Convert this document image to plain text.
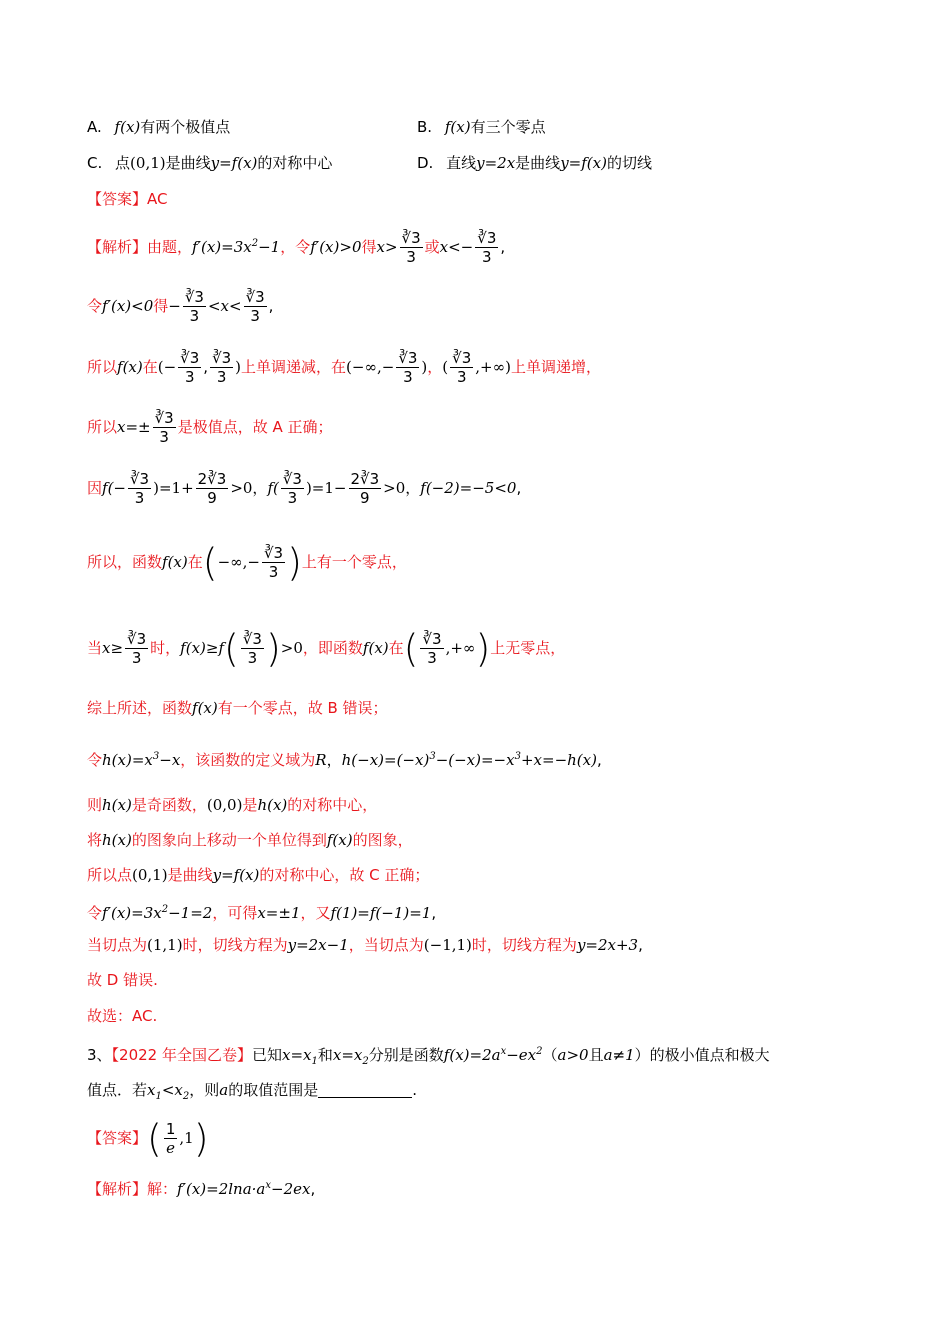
A. f(x)有两个极值点	B. f(x)有三个零点
C. 点(0,1)是曲线y=f(x)的对称中心	D. 直线y=2x是曲线y=f(x)的切线
【答案】AC
【解析】由题，$f'(x)=3x^2-1$，令f′(x)>0得$x> \frac{∛3}{3}$ 或$x<- \frac{∛3}{3}$ ,
令f′(x)<0得− $\frac{∛3}{3} <x< \frac{∛3}{3}$ ,
所以f(x)在(− $\frac{∛3}{3}$ , $\frac{∛3}{3}$ )上单调递减，在(−∞,− $\frac{∛3}{3}$ )，( $\frac{∛3}{3}$ ,+∞)上单调递增，
所以$x=\pm \frac{∛3}{3}$ 是极值点，故 A 正确；
因$f(- \frac{∛3}{3} )=1+ \frac{2∛3}{9} >0$，$f( \frac{∛3}{3} )=1- \frac{2∛3}{9} >0$，f(−2)=−5<0,
所以，函数f(x)在(−∞,− $\frac{∛3}{3}$ )上有一个零点，
当$x\ge \frac{∛3}{3}$ 时，$f(x)\ge f( \frac{∛3}{3} )>0$，即函数f(x)在( $\frac{∛3}{3}$ ,+∞)上无零点，
综上所述，函数f(x)有一个零点，故 B 错误；
令$h(x)=x^3-x$，该函数的定义域为R，$h(-x)=(-x)^3-(-x)=-x^3+x=-h(x)$,
则h(x)是奇函数，(0,0)是h(x)的对称中心，
将h(x)的图象向上移动一个单位得到f(x)的图象，
所以点(0,1)是曲线y=f(x)的对称中心，故 C 正确；
令$f'(x)=3x^2-1=2$，可得x=±1，又f(1)=f(−1)=1,
当切点为(1,1)时，切线方程为y=2x−1，当切点为(−1,1)时，切线方程为y=2x+3,
故 D 错误.
故选：AC.
3、【2022 年全国乙卷】已知$x=x_1$和$x=x_2$分别是函数$f(x)=2a^x-ex^2(a>0$且a≠1）的极小值点和极大
值点．若$x_1<x_2$，则a的取值范围是	.
【答案】( $\frac{1}{e} ,1$)
【解析】解：$f'(x)=2\ln a\cdot a^x-2ex$,
